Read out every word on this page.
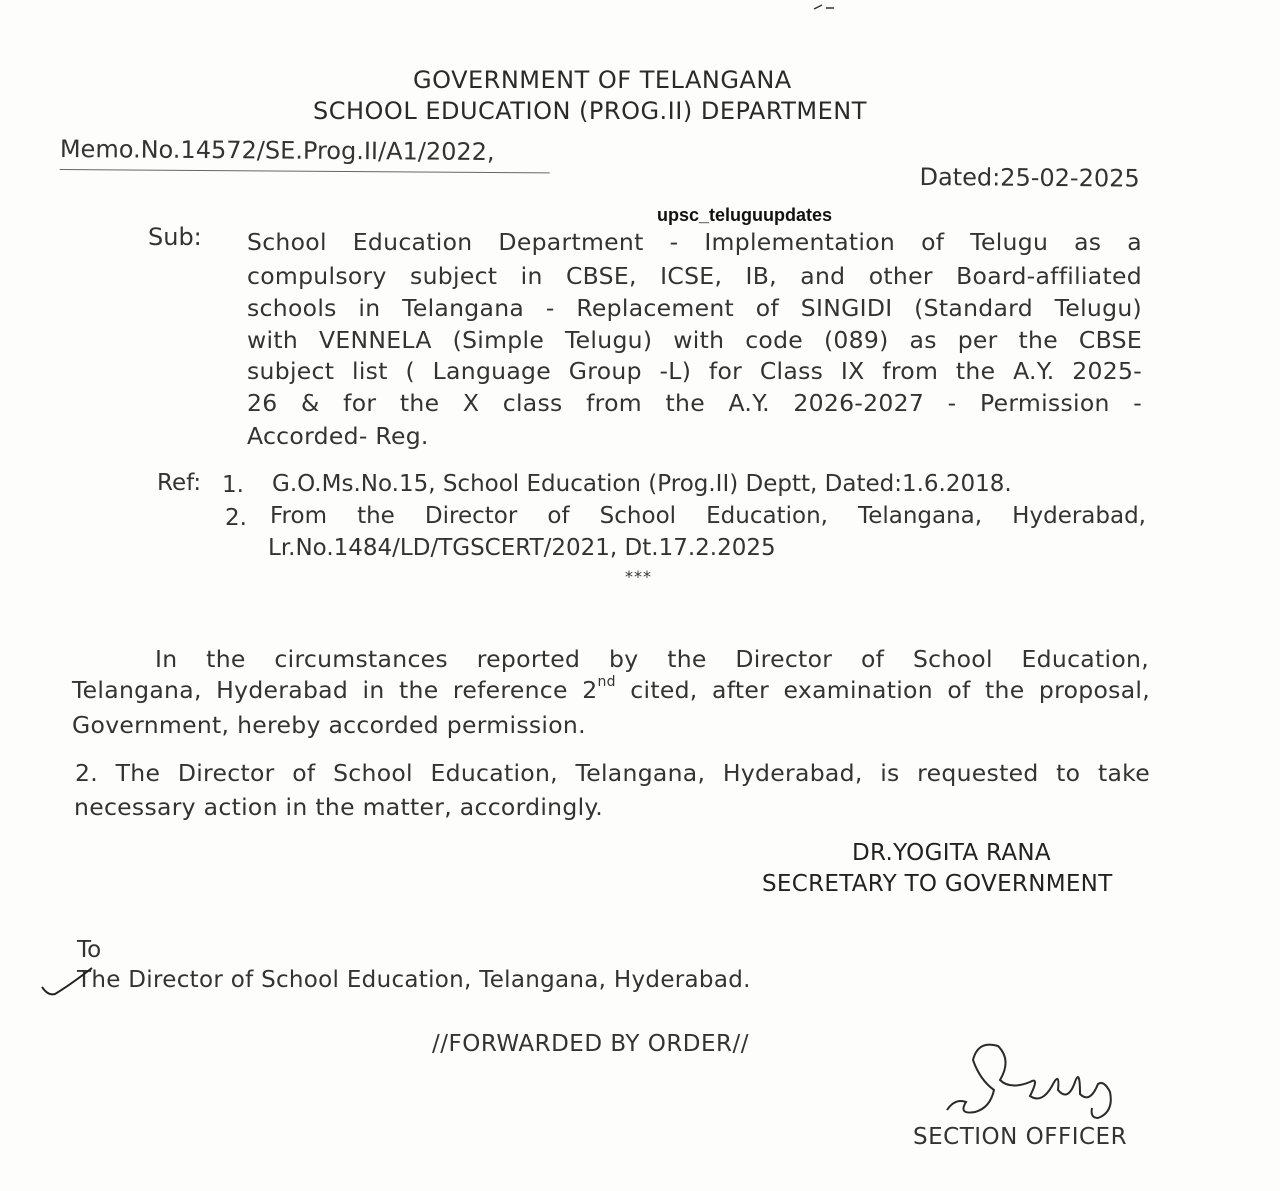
GOVERNMENT OF TELANGANA
SCHOOL EDUCATION (PROG.II) DEPARTMENT
Memo.No.14572/SE.Prog.II/A1/2022,
Dated:25-02-2025
upsc_teluguupdates
Sub: School Education Department - Implementation of Telugu as a
compulsory subject in CBSE, ICSE, IB, and other Board-affiliated
schools in Telangana - Replacement of SINGIDI (Standard Telugu)
with VENNELA (Simple Telugu) with code (089) as per the CBSE
subject list ( Language Group -L) for Class IX from the A.Y. 2025-
26 & for the X class from the A.Y. 2026-2027 - Permission -
Accorded- Reg.
Ref: 1. G.O.Ms.No.15, School Education (Prog.II) Deptt, Dated:1.6.2018.
2. From the Director of School Education, Telangana, Hyderabad,
Lr.No.1484/LD/TGSCERT/2021, Dt.17.2.2025
***
In the circumstances reported by the Director of School Education,
Telangana, Hyderabad in the reference 2nd cited, after examination of the proposal,
Government, hereby accorded permission.
2. The Director of School Education, Telangana, Hyderabad, is requested to take
necessary action in the matter, accordingly.
DR.YOGITA RANA
SECRETARY TO GOVERNMENT
To
The Director of School Education, Telangana, Hyderabad.
//FORWARDED BY ORDER//
SECTION OFFICER
